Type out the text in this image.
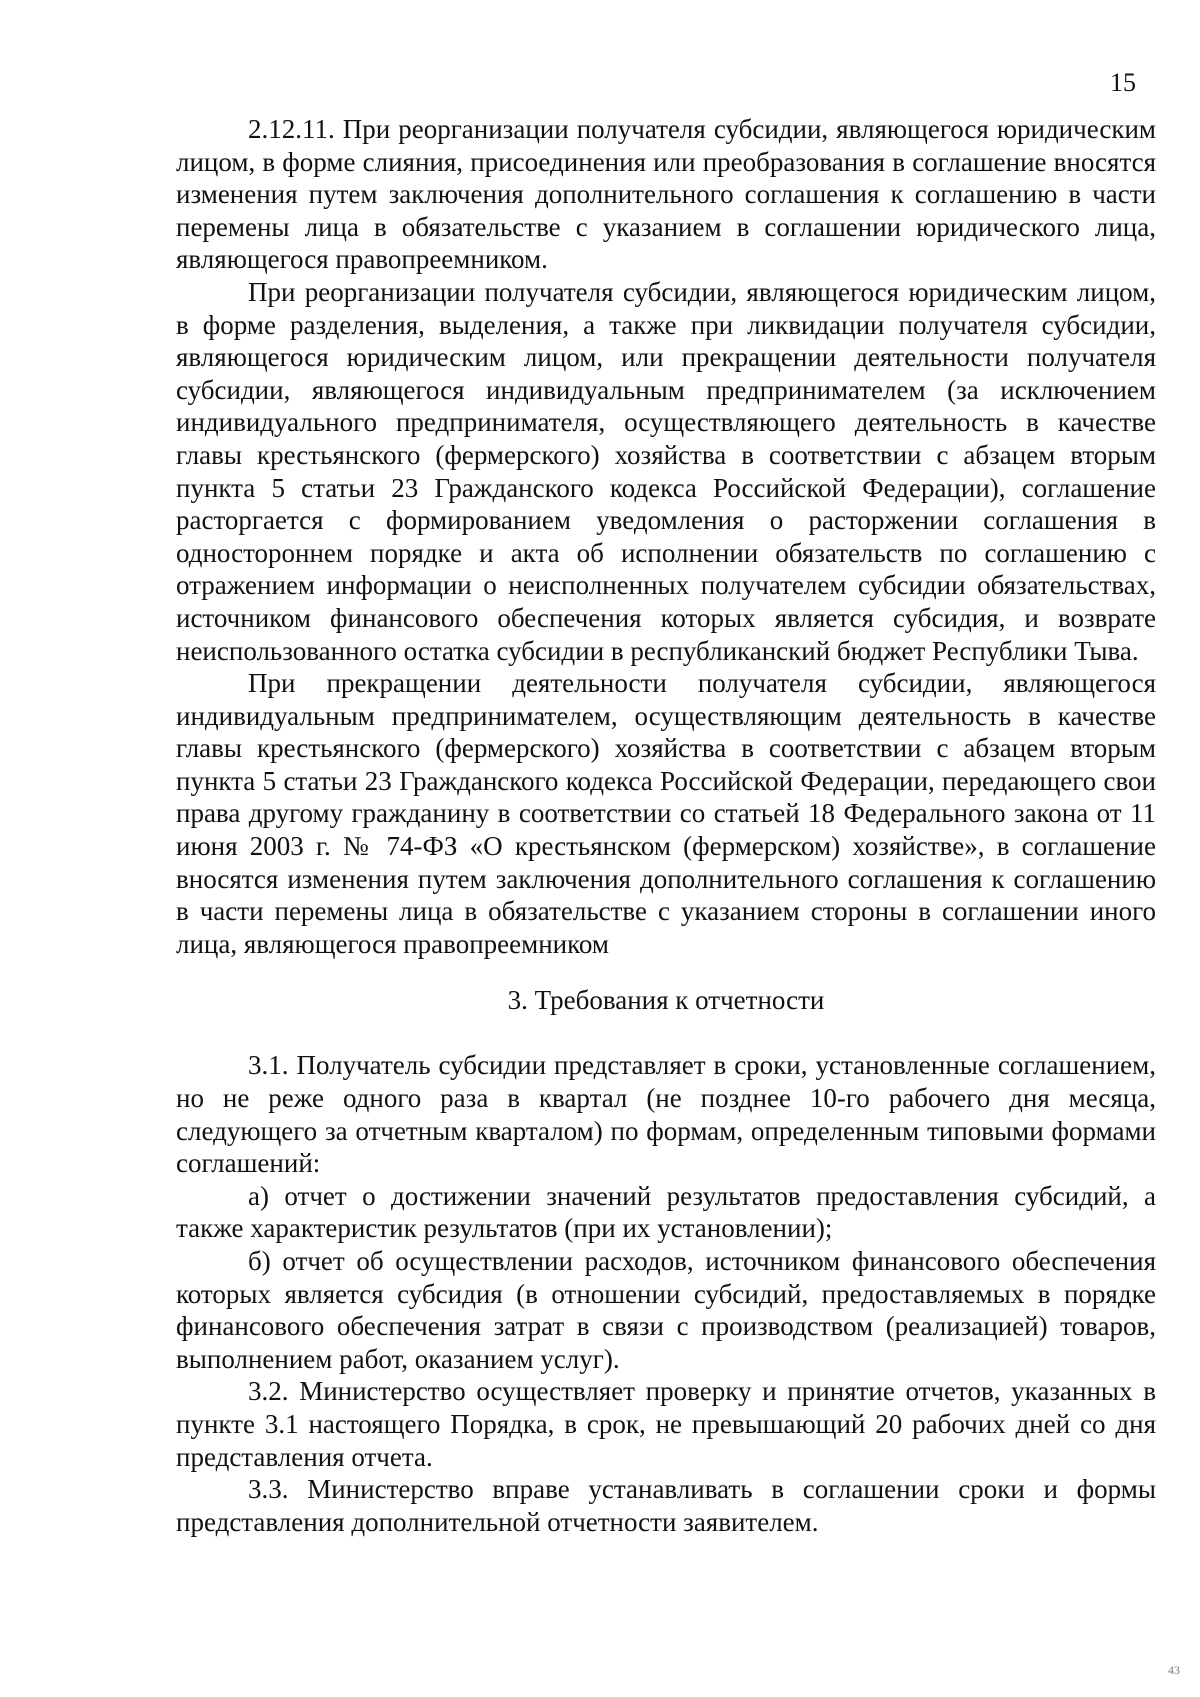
15

2.12.11. При реорганизации получателя субсидии, являющегося юридическим лицом, в форме слияния, присоединения или преобразования в соглашение вносятся изменения путем заключения дополнительного соглашения к соглашению в части перемены лица в обязательстве с указанием в соглашении юридического лица, являющегося правопреемником.

При реорганизации получателя субсидии, являющегося юридическим лицом, в форме разделения, выделения, а также при ликвидации получателя субсидии, являющегося юридическим лицом, или прекращении деятельности получателя субсидии, являющегося индивидуальным предпринимателем (за исключением индивидуального предпринимателя, осуществляющего деятельность в качестве главы крестьянского (фермерского) хозяйства в соответствии с абзацем вторым пункта 5 статьи 23 Гражданского кодекса Российской Федерации), соглашение расторгается с формированием уведомления о расторжении соглашения в одностороннем порядке и акта об исполнении обязательств по соглашению с отражением информации о неисполненных получателем субсидии обязательствах, источником финансового обеспечения которых является субсидия, и возврате неиспользованного остатка субсидии в республиканский бюджет Республики Тыва.

При прекращении деятельности получателя субсидии, являющегося индивидуальным предпринимателем, осуществляющим деятельность в качестве главы крестьянского (фермерского) хозяйства в соответствии с абзацем вторым пункта 5 статьи 23 Гражданского кодекса Российской Федерации, передающего свои права другому гражданину в соответствии со статьей 18 Федерального закона от 11 июня 2003 г. № 74-ФЗ «О крестьянском (фермерском) хозяйстве», в соглашение вносятся изменения путем заключения дополнительного соглашения к соглашению в части перемены лица в обязательстве с указанием стороны в соглашении иного лица, являющегося правопреемником

3. Требования к отчетности

3.1. Получатель субсидии представляет в сроки, установленные соглашением, но не реже одного раза в квартал (не позднее 10-го рабочего дня месяца, следующего за отчетным кварталом) по формам, определенным типовыми формами соглашений:

а) отчет о достижении значений результатов предоставления субсидий, а также характеристик результатов (при их установлении);

б) отчет об осуществлении расходов, источником финансового обеспечения которых является субсидия (в отношении субсидий, предоставляемых в порядке финансового обеспечения затрат в связи с производством (реализацией) товаров, выполнением работ, оказанием услуг).

3.2. Министерство осуществляет проверку и принятие отчетов, указанных в пункте 3.1 настоящего Порядка, в срок, не превышающий 20 рабочих дней со дня представления отчета.

3.3. Министерство вправе устанавливать в соглашении сроки и формы представления дополнительной отчетности заявителем.

43
